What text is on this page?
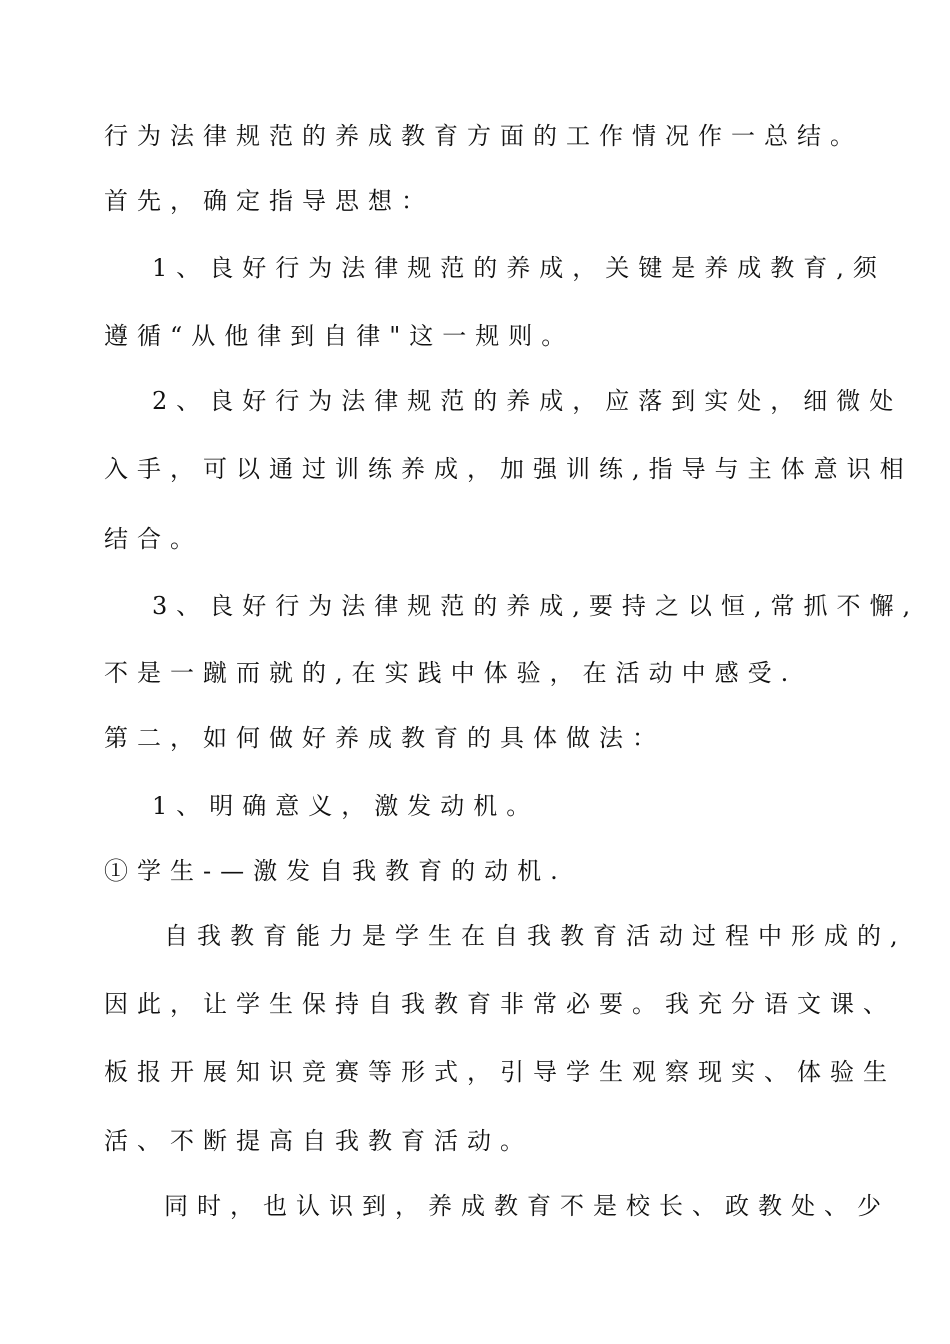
行为法律规范的养成教育方面的工作情况作一总结。
首先，确定指导思想：
1、良好行为法律规范的养成，关键是养成教育,须
遵循“从他律到自律"这一规则。
2、良好行为法律规范的养成，应落到实处，细微处
入手，可以通过训练养成，加强训练,指导与主体意识相
结合。
3、良好行为法律规范的养成,要持之以恒,常抓不懈,
不是一蹴而就的,在实践中体验，在活动中感受.
第二，如何做好养成教育的具体做法：
1、明确意义，激发动机。
①学生-—激发自我教育的动机.
自我教育能力是学生在自我教育活动过程中形成的,
因此，让学生保持自我教育非常必要。我充分语文课、
板报开展知识竞赛等形式，引导学生观察现实、体验生
活、不断提高自我教育活动。
同时，也认识到，养成教育不是校长、政教处、少
